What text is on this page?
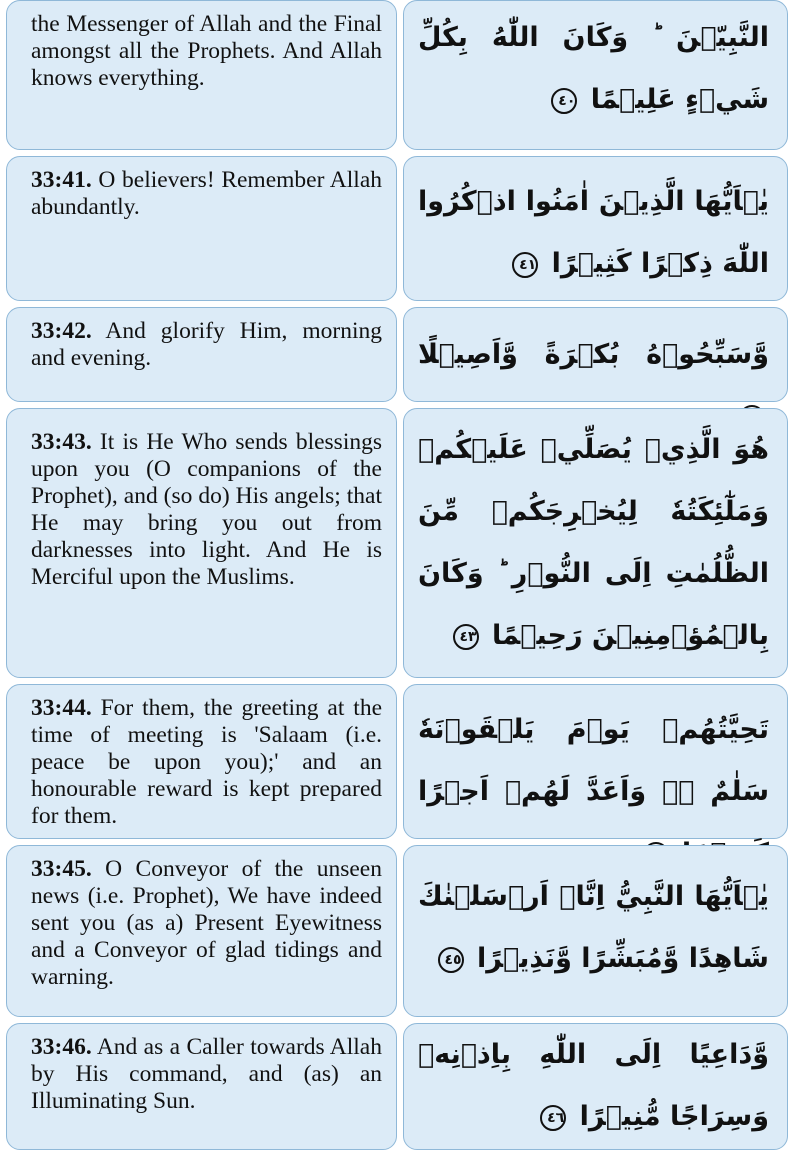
the Messenger of Allah and the Final amongst all the Prophets. And Allah knows everything.
النَّبِيّٖنَ ؕ وَكَانَ اللّٰهُ بِكُلِّ شَيۡءٍ عَلِيۡمًا ٤٠
33:41. O believers! Remember Allah abundantly.	يٰۤاَيُّهَا الَّذِيۡنَ اٰمَنُوا اذۡكُرُوا اللّٰهَ ذِكۡرًا كَثِيۡرًا ٤١
33:42. And glorify Him, morning and evening.	وَّسَبِّحُوۡهُ بُكۡرَةً وَّاَصِيۡلًا
33:43. It is He Who sends blessings upon you (O companions of the Prophet), and (so do) His angels; that He may bring you out from darknesses into light. And He is Merciful upon the Muslims.
هُوَ الَّذِيۡ يُصَلِّيۡ عَلَيۡكُمۡ وَمَلٰٓئِكَتُهٗ لِيُخۡرِجَكُمۡ مِّنَ الظُّلُمٰتِ اِلَى النُّوۡرِ ؕ وَكَانَ بِالۡمُؤۡمِنِيۡنَ رَحِيۡمًا ٤٣
33:44. For them, the greeting at the time of meeting is 'Salaam (i.e. peace be upon you);' and an honourable reward is kept prepared for them.
تَحِيَّتُهُمۡ يَوۡمَ يَلۡقَوۡنَهٗ سَلٰمٌ ۖۚ وَاَعَدَّ لَهُمۡ اَجۡرًا
33:45. O Conveyor of the unseen news (i.e. Prophet), We have indeed sent you (as a) Present Eyewitness and a Conveyor of glad tidings and warning.
يٰۤاَيُّهَا النَّبِيُّ اِنَّاۤ اَرۡسَلۡنٰكَ شَاهِدًا وَّمُبَشِّرًا وَّنَذِيۡرًا ٤٥
33:46. And as a Caller towards Allah by His command, and (as) an Illuminating Sun.
وَّدَاعِيًا اِلَى اللّٰهِ بِاِذۡنِهٖ وَسِرَاجًا مُّنِيۡرًا ٤٦
